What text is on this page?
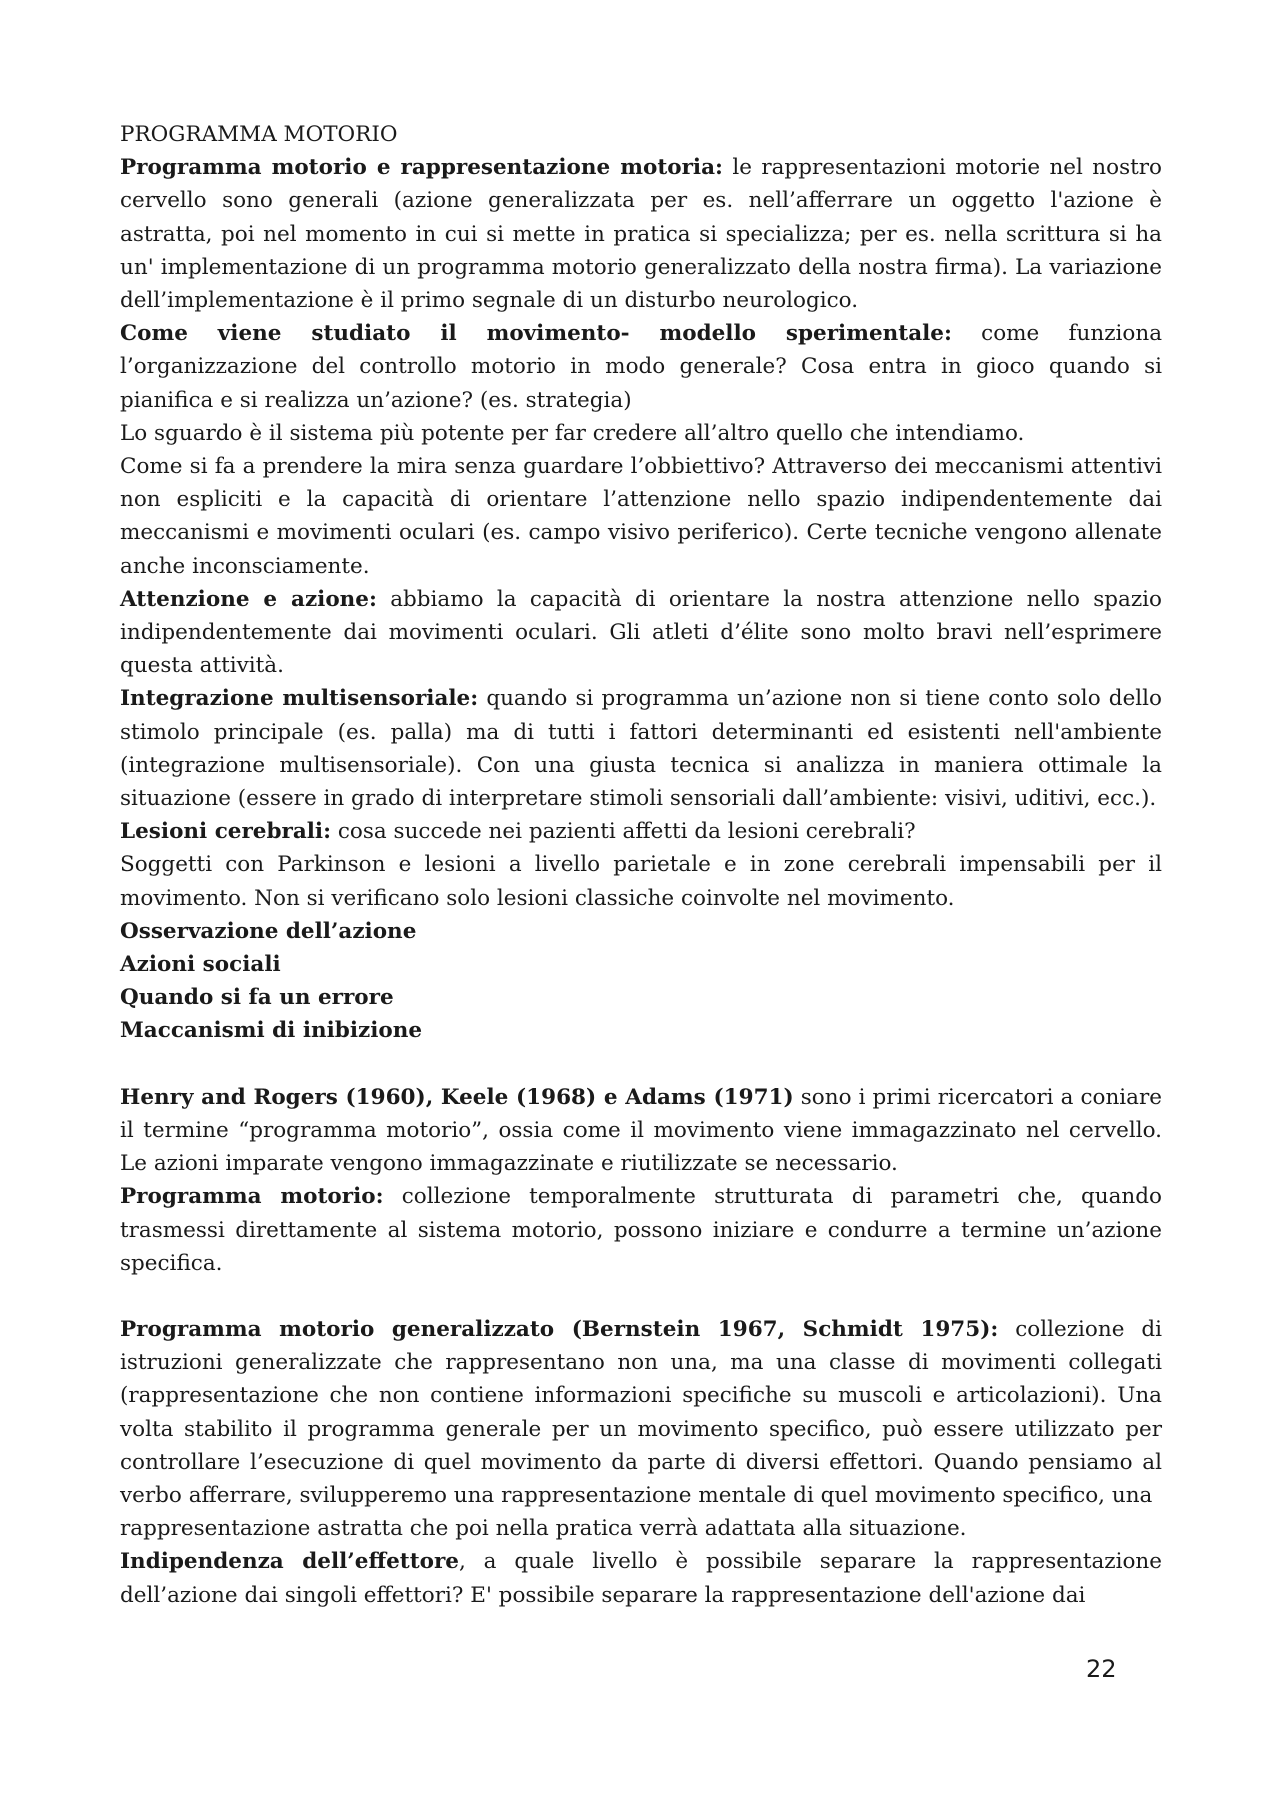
PROGRAMMA MOTORIO

Programma motorio e rappresentazione motoria: le rappresentazioni motorie nel nostro cervello sono generali (azione generalizzata per es. nell’afferrare un oggetto l'azione è astratta, poi nel momento in cui si mette in pratica si specializza; per es. nella scrittura si ha un' implementazione di un programma motorio generalizzato della nostra firma). La variazione dell’implementazione è il primo segnale di un disturbo neurologico.

Come viene studiato il movimento- modello sperimentale: come funziona l’organizzazione del controllo motorio in modo generale? Cosa entra in gioco quando si pianifica e si realizza un’azione? (es. strategia)

Lo sguardo è il sistema più potente per far credere all’altro quello che intendiamo.

Come si fa a prendere la mira senza guardare l’obbiettivo? Attraverso dei meccanismi attentivi non espliciti e la capacità di orientare l’attenzione nello spazio indipendentemente dai meccanismi e movimenti oculari (es. campo visivo periferico). Certe tecniche vengono allenate anche inconsciamente.

Attenzione e azione: abbiamo la capacità di orientare la nostra attenzione nello spazio indipendentemente dai movimenti oculari. Gli atleti d’élite sono molto bravi nell’esprimere questa attività.

Integrazione multisensoriale: quando si programma un’azione non si tiene conto solo dello stimolo principale (es. palla) ma di tutti i fattori determinanti ed esistenti nell'ambiente (integrazione multisensoriale). Con una giusta tecnica si analizza in maniera ottimale la situazione (essere in grado di interpretare stimoli sensoriali dall’ambiente: visivi, uditivi, ecc.).

Lesioni cerebrali: cosa succede nei pazienti affetti da lesioni cerebrali?

Soggetti con Parkinson e lesioni a livello parietale e in zone cerebrali impensabili per il movimento. Non si verificano solo lesioni classiche coinvolte nel movimento.

Osservazione dell’azione

Azioni sociali

Quando si fa un errore

Maccanismi di inibizione

Henry and Rogers (1960), Keele (1968) e Adams (1971) sono i primi ricercatori a coniare il termine “programma motorio”, ossia come il movimento viene immagazzinato nel cervello. Le azioni imparate vengono immagazzinate e riutilizzate se necessario.

Programma motorio: collezione temporalmente strutturata di parametri che, quando trasmessi direttamente al sistema motorio, possono iniziare e condurre a termine un’azione specifica.

Programma motorio generalizzato (Bernstein 1967, Schmidt 1975): collezione di istruzioni generalizzate che rappresentano non una, ma una classe di movimenti collegati (rappresentazione che non contiene informazioni specifiche su muscoli e articolazioni). Una volta stabilito il programma generale per un movimento specifico, può essere utilizzato per controllare l’esecuzione di quel movimento da parte di diversi effettori. Quando pensiamo al verbo afferrare, svilupperemo una rappresentazione mentale di quel movimento specifico, una

rappresentazione astratta che poi nella pratica verrà adattata alla situazione.

Indipendenza dell’effettore, a quale livello è possibile separare la rappresentazione dell’azione dai singoli effettori? E' possibile separare la rappresentazione dell'azione dai

22
